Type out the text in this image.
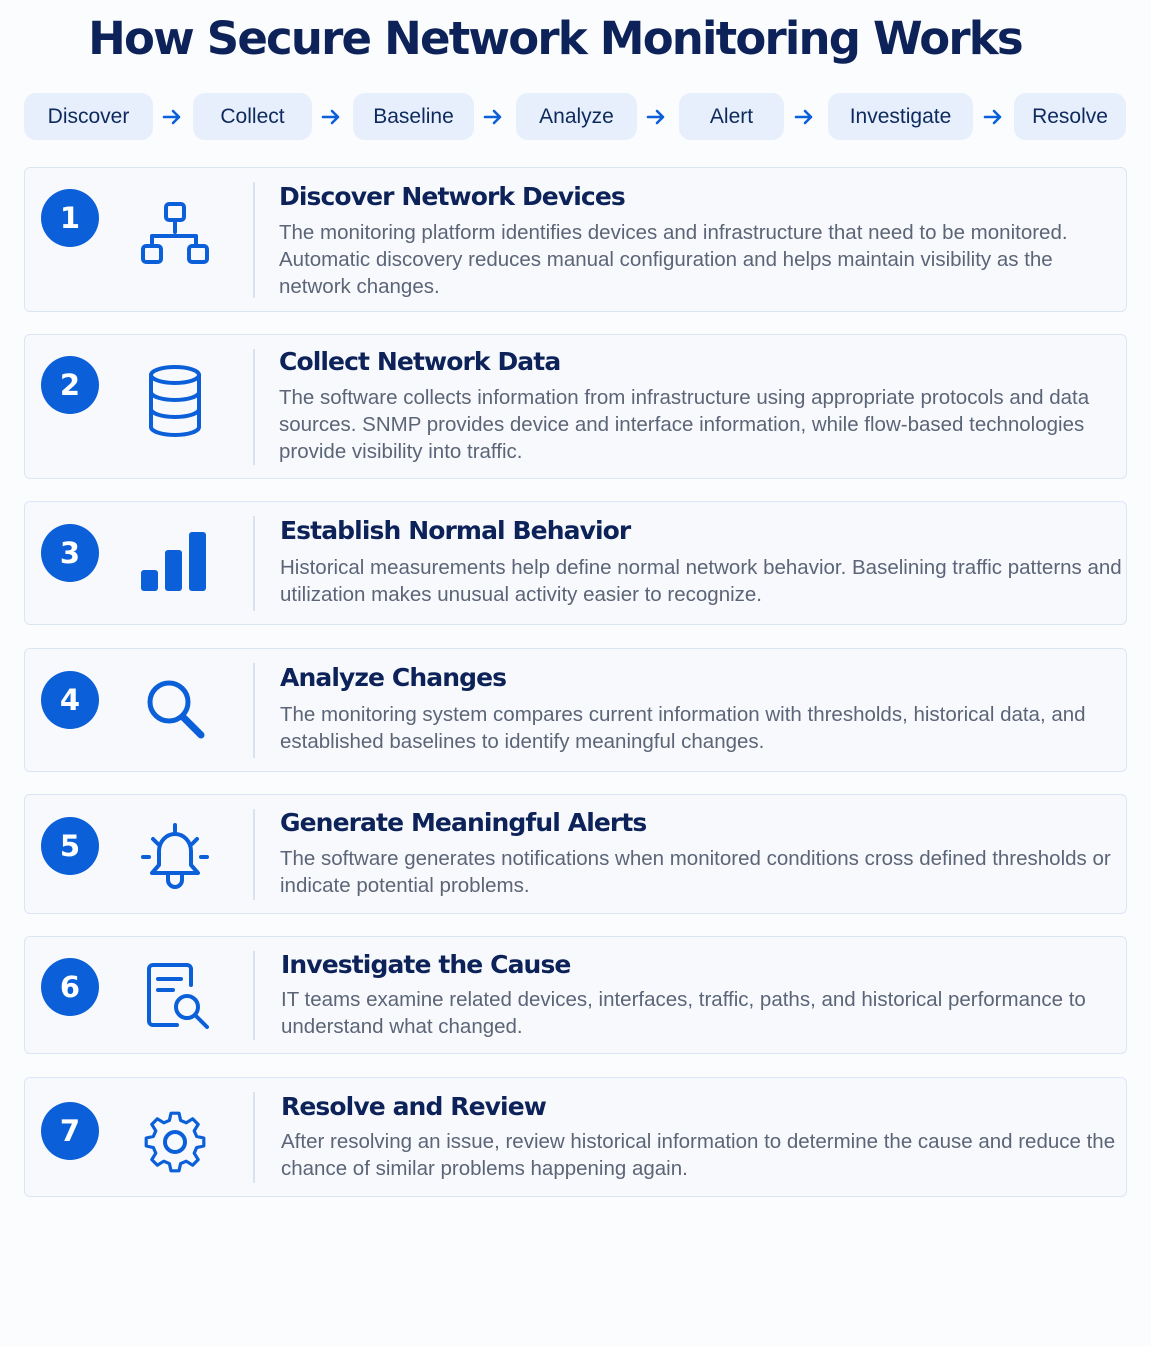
How Secure Network Monitoring Works
Discover	Collect	Baseline	Analyze	Alert	Investigate	Resolve
1
Discover Network Devices
The monitoring platform identifies devices and infrastructure that need to be monitored. Automatic discovery reduces manual configuration and helps maintain visibility as the network changes.
2
Collect Network Data
The software collects information from infrastructure using appropriate protocols and data sources. SNMP provides device and interface information, while flow-based technologies provide visibility into traffic.
3
Establish Normal Behavior
Historical measurements help define normal network behavior. Baselining traffic patterns and utilization makes unusual activity easier to recognize.
4
Analyze Changes
The monitoring system compares current information with thresholds, historical data, and established baselines to identify meaningful changes.
5
Generate Meaningful Alerts
The software generates notifications when monitored conditions cross defined thresholds or indicate potential problems.
6
Investigate the Cause
IT teams examine related devices, interfaces, traffic, paths, and historical performance to understand what changed.
7
Resolve and Review
After resolving an issue, review historical information to determine the cause and reduce the chance of similar problems happening again.
